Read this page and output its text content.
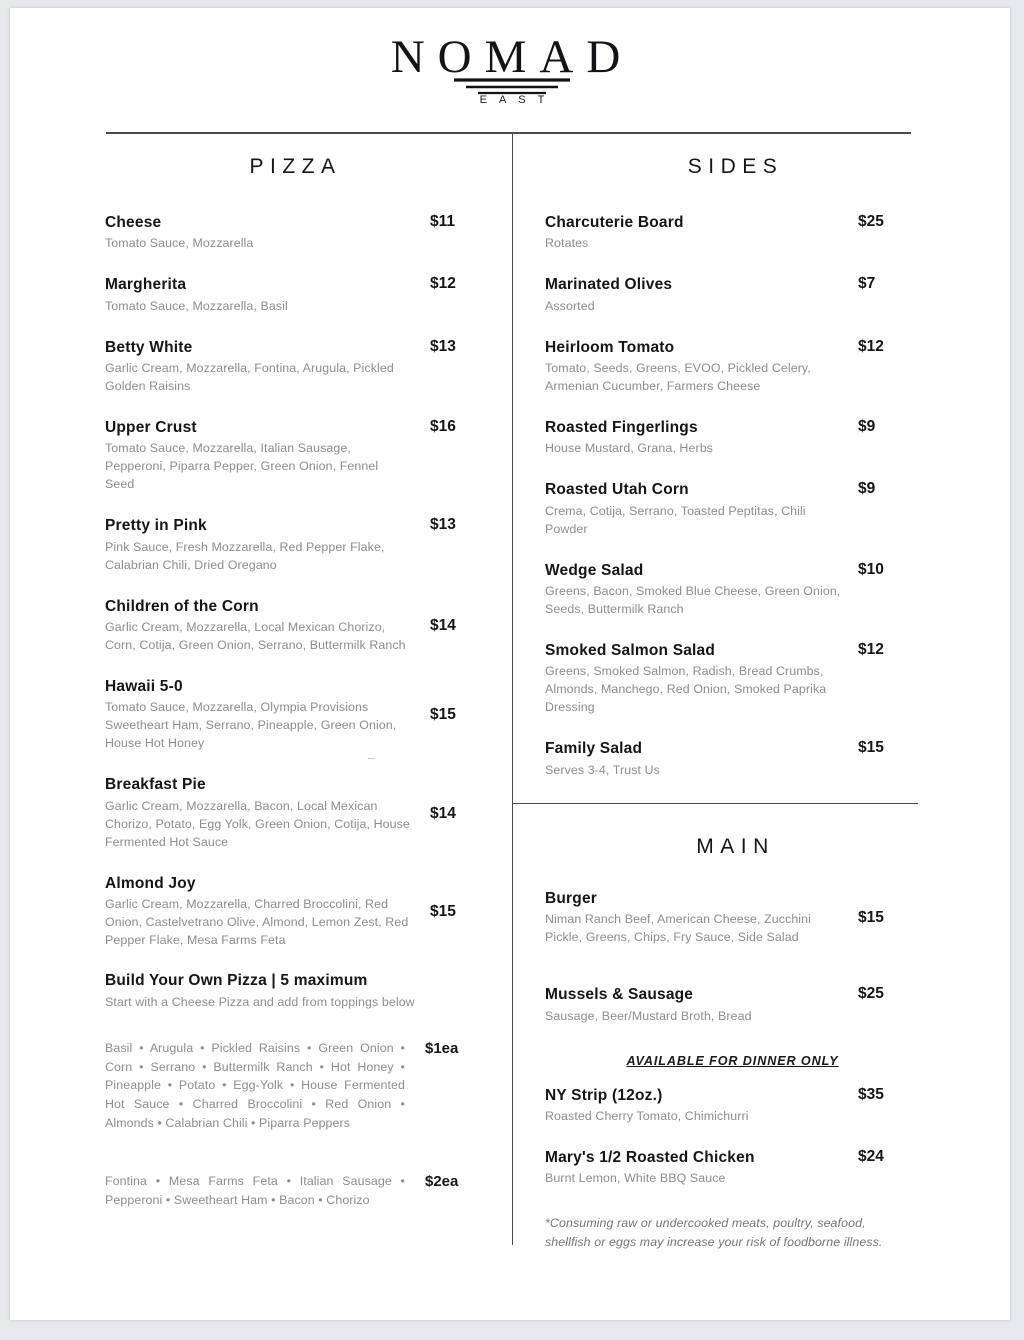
NOMAD
EAST
PIZZA
Cheese
Tomato Sauce, Mozzarella
$11
Margherita
Tomato Sauce, Mozzarella, Basil
$12
Betty White
Garlic Cream, Mozzarella, Fontina, Arugula, Pickled Golden Raisins
$13
Upper Crust
Tomato Sauce, Mozzarella, Italian Sausage, Pepperoni, Piparra Pepper, Green Onion, Fennel Seed
$16
Pretty in Pink
Pink Sauce, Fresh Mozzarella, Red Pepper Flake, Calabrian Chili, Dried Oregano
$13
Children of the Corn
Garlic Cream, Mozzarella, Local Mexican Chorizo, Corn, Cotija, Green Onion, Serrano, Buttermilk Ranch
$14
Hawaii 5-0
Tomato Sauce, Mozzarella, Olympia Provisions Sweetheart Ham, Serrano, Pineapple, Green Onion, House Hot Honey
$15
Breakfast Pie
Garlic Cream, Mozzarella, Bacon, Local Mexican Chorizo, Potato, Egg Yolk, Green Onion, Cotija, House Fermented Hot Sauce
$14
Almond Joy
Garlic Cream, Mozzarella, Charred Broccolini, Red Onion, Castelvetrano Olive, Almond, Lemon Zest, Red Pepper Flake, Mesa Farms Feta
$15
Build Your Own Pizza | 5 maximum
Start with a Cheese Pizza and add from toppings below
Basil • Arugula • Pickled Raisins • Green Onion • Corn • Serrano • Buttermilk Ranch • Hot Honey • Pineapple • Potato • Egg-Yolk • House Fermented Hot Sauce • Charred Broccolini • Red Onion • Almonds • Calabrian Chili • Piparra Peppers
$1ea
Fontina • Mesa Farms Feta • Italian Sausage • Pepperoni • Sweetheart Ham • Bacon • Chorizo
$2ea
SIDES
Charcuterie Board
Rotates
$25
Marinated Olives
Assorted
$7
Heirloom Tomato
Tomato, Seeds, Greens, EVOO, Pickled Celery, Armenian Cucumber, Farmers Cheese
$12
Roasted Fingerlings
House Mustard, Grana, Herbs
$9
Roasted Utah Corn
Crema, Cotija, Serrano, Toasted Peptitas, Chili Powder
$9
Wedge Salad
Greens, Bacon, Smoked Blue Cheese, Green Onion, Seeds, Buttermilk Ranch
$10
Smoked Salmon Salad
Greens, Smoked Salmon, Radish, Bread Crumbs, Almonds, Manchego, Red Onion, Smoked Paprika Dressing
$12
Family Salad
Serves 3-4, Trust Us
$15
MAIN
Burger
Niman Ranch Beef, American Cheese, Zucchini Pickle, Greens, Chips, Fry Sauce, Side Salad
$15
Mussels & Sausage
Sausage, Beer/Mustard Broth, Bread
$25
AVAILABLE FOR DINNER ONLY
NY Strip (12oz.)
Roasted Cherry Tomato, Chimichurri
$35
Mary's 1/2 Roasted Chicken
Burnt Lemon, White BBQ Sauce
$24
*Consuming raw or undercooked meats, poultry, seafood, shellfish or eggs may increase your risk of foodborne illness.
